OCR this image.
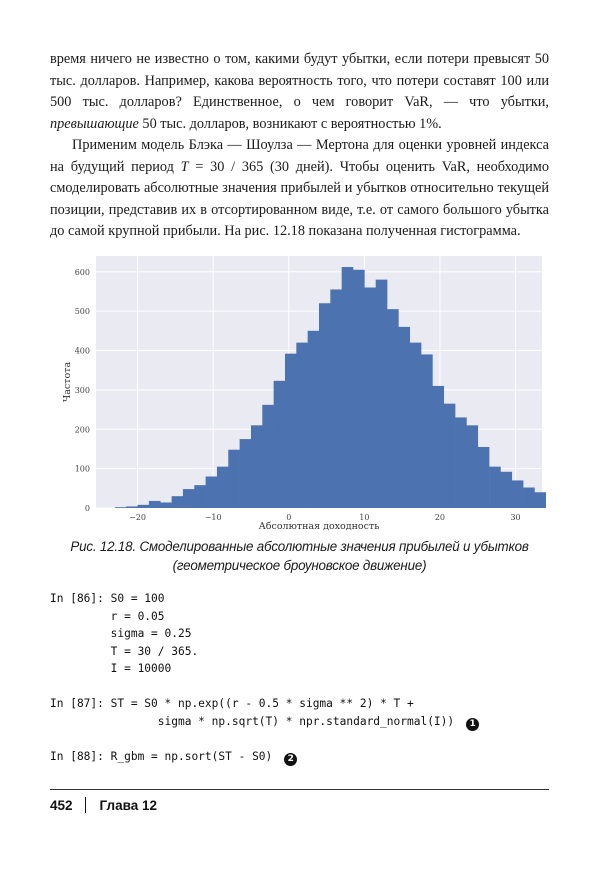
время ничего не известно о том, какими будут убытки, если потери превысят 50 тыс. долларов. Например, какова вероятность того, что потери составят 100 или 500 тыс. долларов? Единственное, о чем говорит VaR, — что убытки, превышающие 50 тыс. долларов, возникают с вероятностью 1%.

Применим модель Блэка — Шоулза — Мертона для оценки уровней индекса на будущий период T = 30 / 365 (30 дней). Чтобы оценить VaR, необходимо смоделировать абсолютные значения прибылей и убытков относительно текущей позиции, представив их в отсортированном виде, т.е. от самого большого убытка до самой крупной прибыли. На рис. 12.18 показана полученная гистограмма.

0
100
200
300
400
500
600
−20	−10	0	10	20	30
Абсолютная доходность
Частота
Рис. 12.18. Смоделированные абсолютные значения прибылей и убытков
(геометрическое броуновское движение)
In [86]: S0 = 100
r = 0.05
sigma = 0.25
T = 30 / 365.
I = 10000
In [87]: ST = S0 * np.exp((r - 0.5 * sigma ** 2) * T +
sigma * np.sqrt(T) * npr.standard_normal(I)) 1
In [88]: R_gbm = np.sort(ST - S0) 2
452 Глава 12
